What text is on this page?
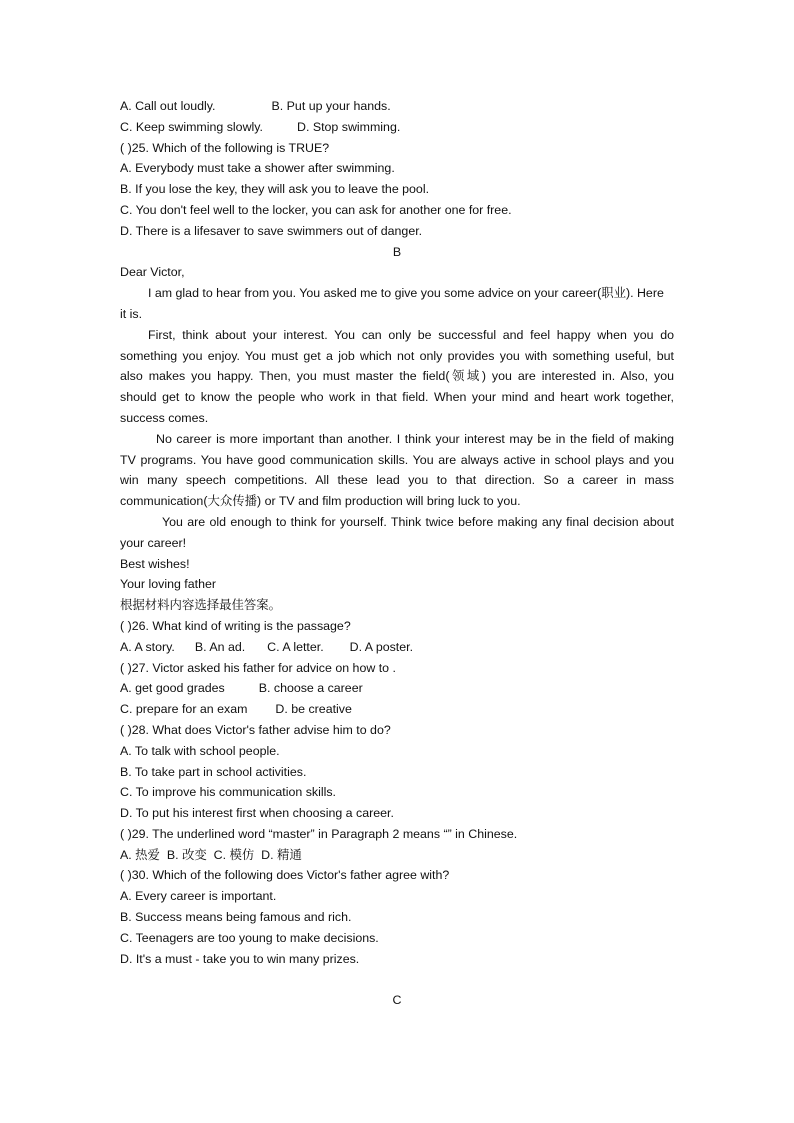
A. Call out loudly.	B. Put up your hands.
C. Keep swimming slowly.	D. Stop swimming.
( )25. Which of the following is TRUE?
A. Everybody must take a shower after swimming.
B. If you lose the key, they will ask you to leave the pool.
C. You don't feel well to the locker, you can ask for another one for free.
D. There is a lifesaver to save swimmers out of danger.
B
Dear Victor,
I am glad to hear from you. You asked me to give you some advice on your career(职业). Here
it is.
First, think about your interest. You can only be successful and feel happy when you do
something you enjoy. You must get a job which not only provides you with something useful, but
also makes you happy. Then, you must master the field(领域) you are interested in. Also, you
should get to know the people who work in that field. When your mind and heart work together,
success comes.
No career is more important than another. I think your interest may be in the field of making
TV programs. You have good communication skills. You are always active in school plays and you
win many speech competitions. All these lead you to that direction. So a career in mass
communication(大众传播) or TV and film production will bring luck to you.
You are old enough to think for yourself. Think twice before making any final decision about
your career!
Best wishes!
Your loving father
根据材料内容选择最佳答案。
( )26. What kind of writing is the passage?
A. A story. B. An ad. C. A letter. D. A poster.
( )27. Victor asked his father for advice on how to .
A. get good grades	B. choose a career
C. prepare for an exam D. be creative
( )28. What does Victor's father advise him to do?
A. To talk with school people.
B. To take part in school activities.
C. To improve his communication skills.
D. To put his interest first when choosing a career.
( )29. The underlined word “master” in Paragraph 2 means “” in Chinese.
A. 热爱 B. 改变 C. 模仿 D. 精通
( )30. Which of the following does Victor's father agree with?
A. Every career is important.
B. Success means being famous and rich.
C. Teenagers are too young to make decisions.
D. It's a must - take you to win many prizes.
C
